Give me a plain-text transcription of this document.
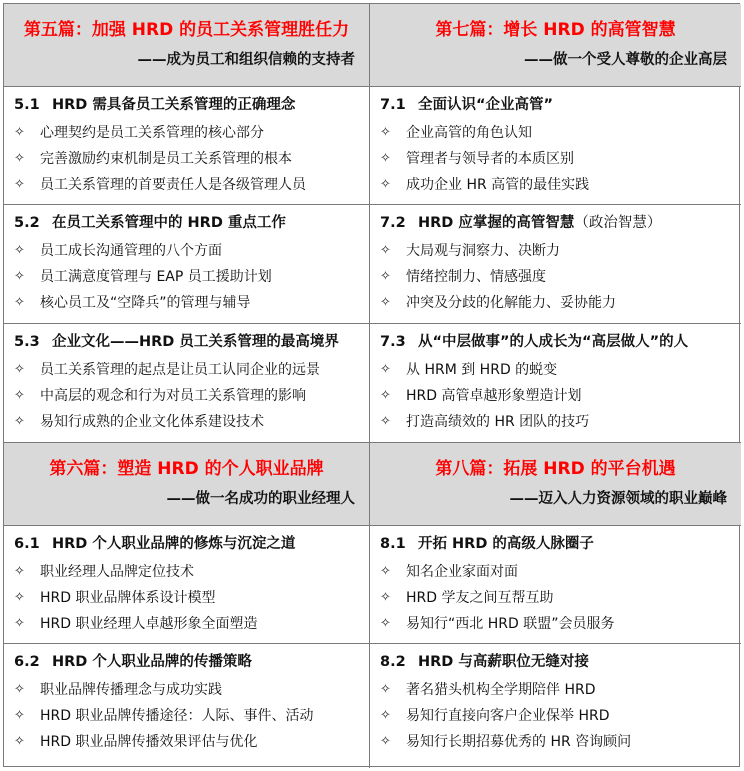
第五篇：加强 HRD 的员工关系管理胜任力
——成为员工和组织信赖的支持者
第七篇：增长 HRD 的高管智慧
——做一个受人尊敬的企业高层
5.1 HRD 需具备员工关系管理的正确理念
✧	心理契约是员工关系管理的核心部分
✧	完善激励约束机制是员工关系管理的根本
✧	员工关系管理的首要责任人是各级管理人员
7.1 全面认识“企业高管”
✧	企业高管的角色认知
✧	管理者与领导者的本质区别
✧	成功企业 HR 高管的最佳实践
5.2 在员工关系管理中的 HRD 重点工作
✧	员工成长沟通管理的八个方面
✧	员工满意度管理与 EAP 员工援助计划
✧	核心员工及“空降兵”的管理与辅导
7.2 HRD 应掌握的高管智慧（政治智慧）
✧	大局观与洞察力、决断力
✧	情绪控制力、情感强度
✧	冲突及分歧的化解能力、妥协能力
5.3 企业文化——HRD 员工关系管理的最高境界
✧	员工关系管理的起点是让员工认同企业的远景
✧	中高层的观念和行为对员工关系管理的影响
✧	易知行成熟的企业文化体系建设技术
7.3 从“中层做事”的人成长为“高层做人”的人
✧	从 HRM 到 HRD 的蜕变
✧	HRD 高管卓越形象塑造计划
✧	打造高绩效的 HR 团队的技巧
第六篇：塑造 HRD 的个人职业品牌
——做一名成功的职业经理人
第八篇：拓展 HRD 的平台机遇
——迈入人力资源领域的职业巅峰
6.1 HRD 个人职业品牌的修炼与沉淀之道
✧	职业经理人品牌定位技术
✧	HRD 职业品牌体系设计模型
✧	HRD 职业经理人卓越形象全面塑造
8.1 开拓 HRD 的高级人脉圈子
✧	知名企业家面对面
✧	HRD 学友之间互帮互助
✧	易知行“西北 HRD 联盟”会员服务
6.2 HRD 个人职业品牌的传播策略
✧	职业品牌传播理念与成功实践
✧	HRD 职业品牌传播途径：人际、事件、活动
✧	HRD 职业品牌传播效果评估与优化
8.2 HRD 与高薪职位无缝对接
✧	著名猎头机构全学期陪伴 HRD
✧	易知行直接向客户企业保举 HRD
✧	易知行长期招募优秀的 HR 咨询顾问
